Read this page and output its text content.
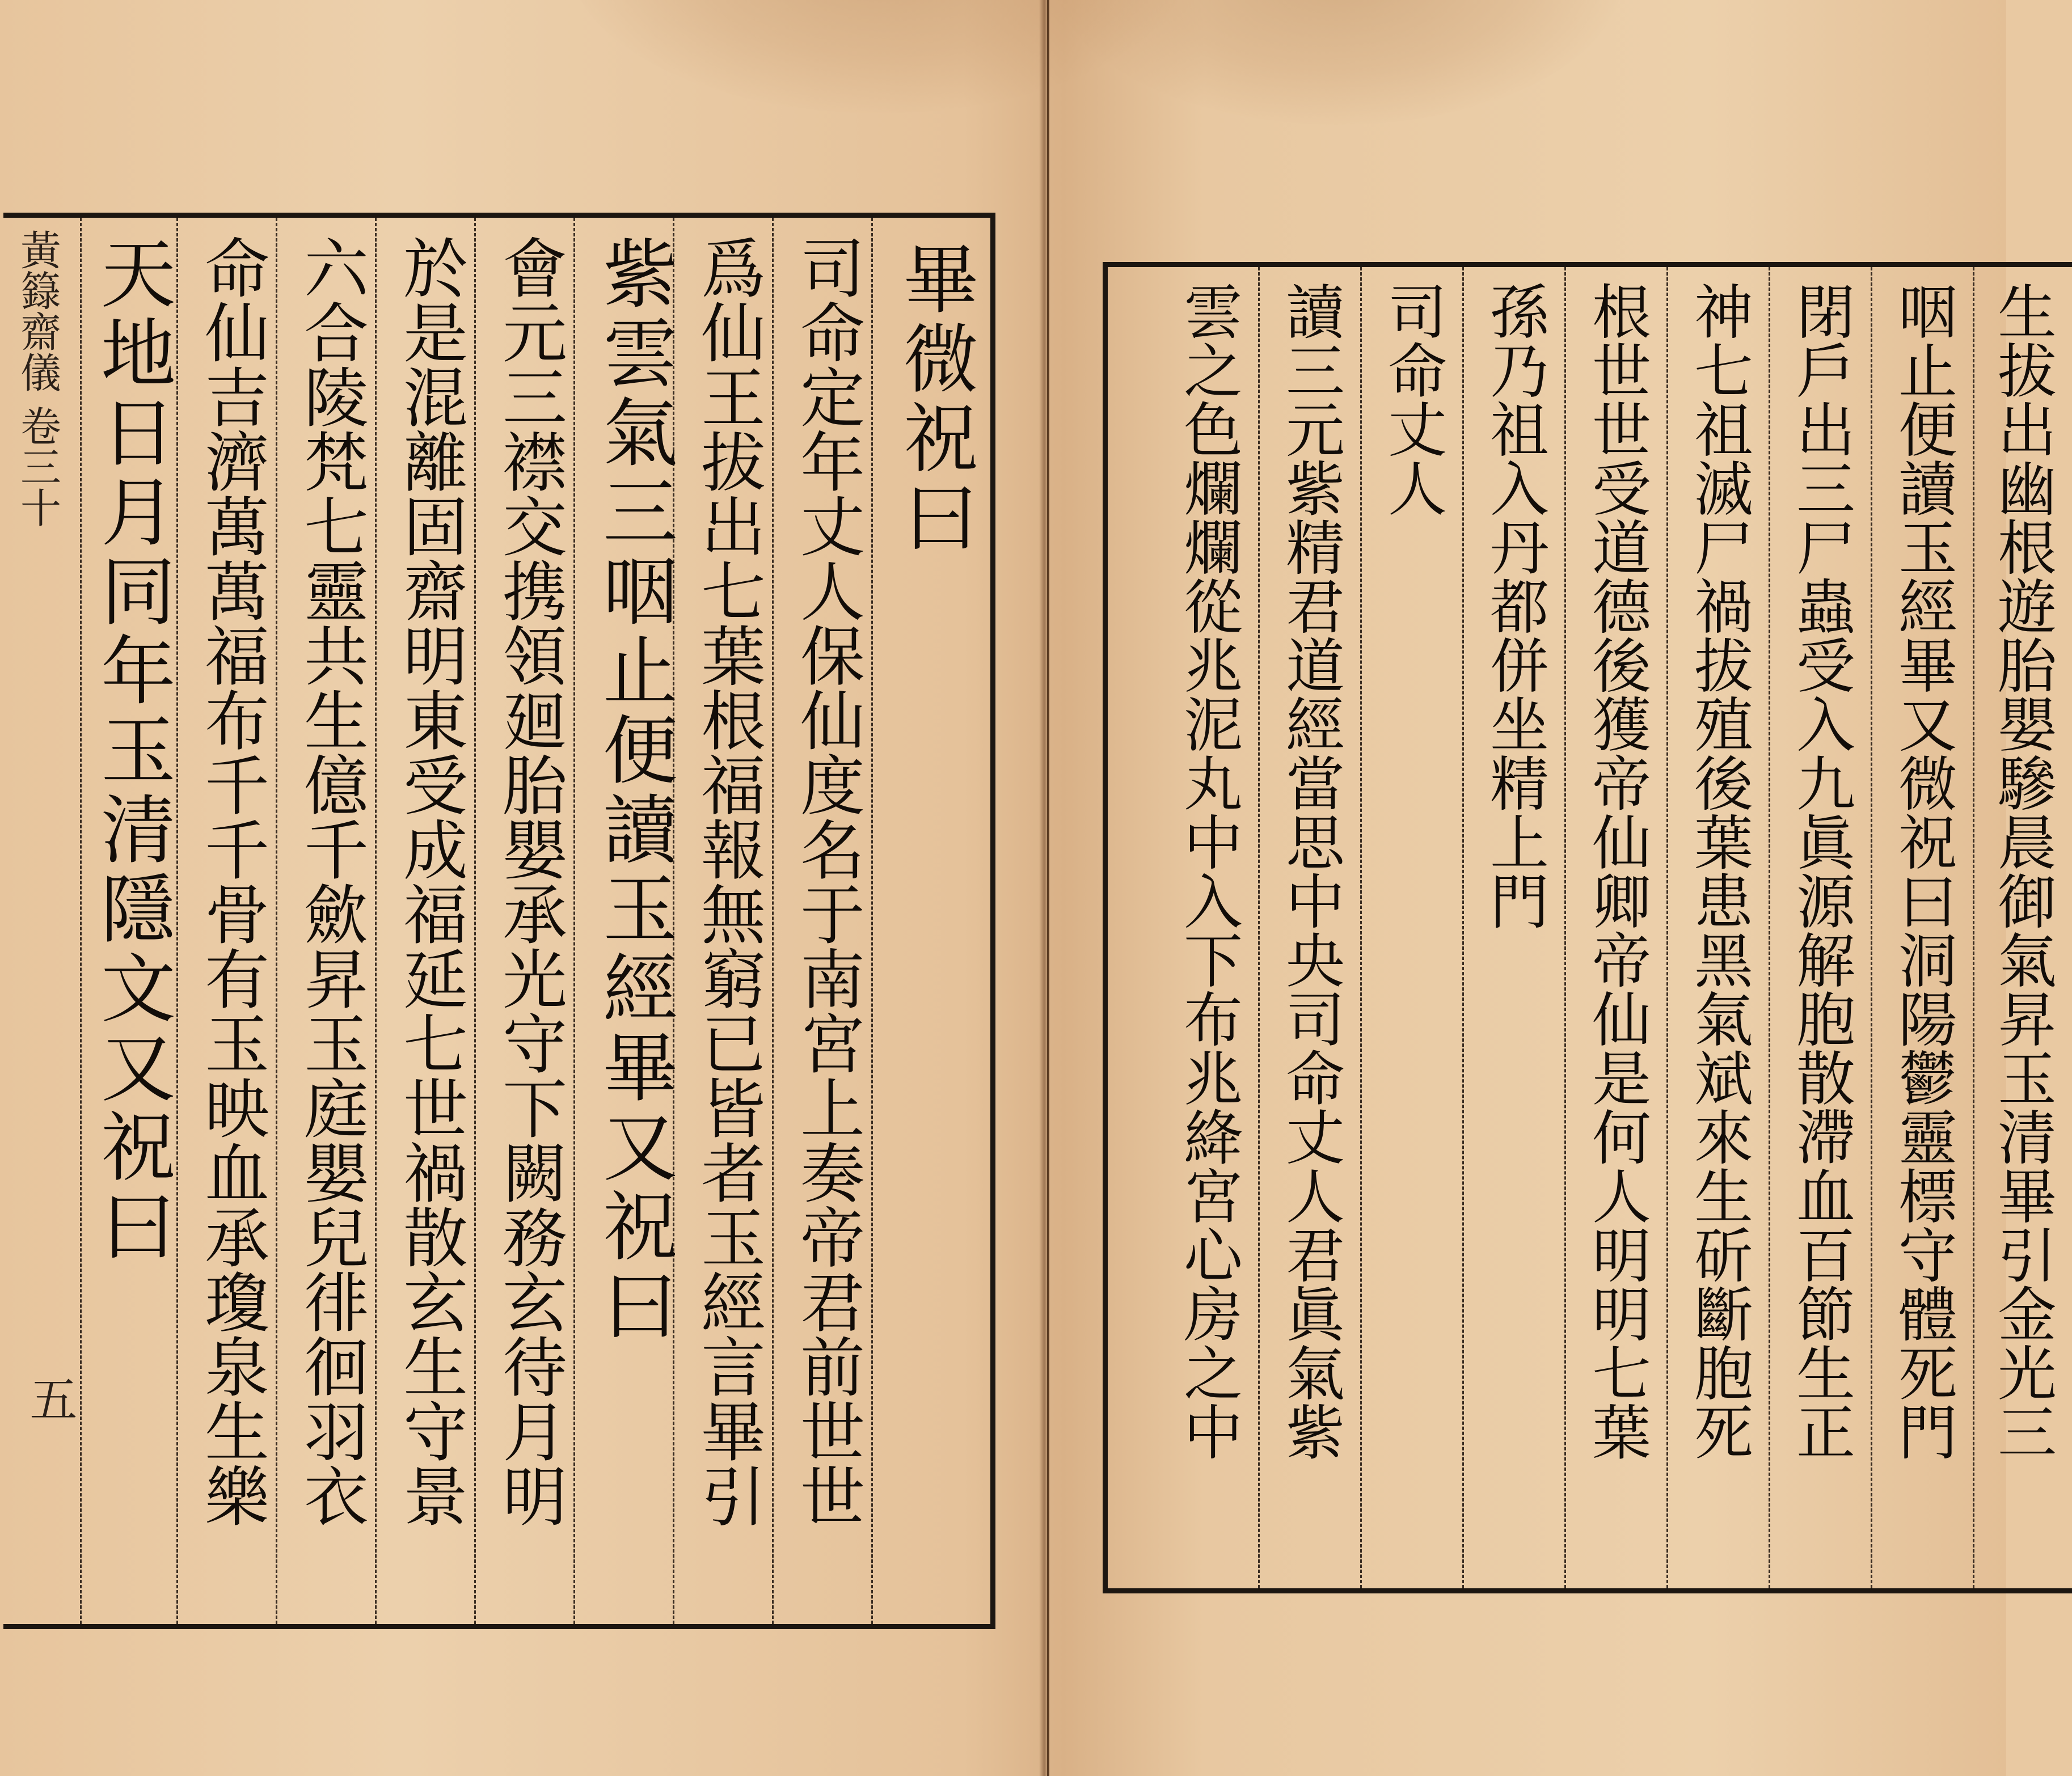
畢微祝曰
司命定年丈人保仙度名于南宮上奏帝君前世世
爲仙王拔出七葉根福報無窮已皆者玉經言畢引
紫雲氣三咽止便讀玉經畢又祝曰
會元三襟交携領廻胎嬰承光守下闕務玄待月明
於是混離固齋明東受成福延七世禍散玄生守景
六合陵梵七靈共生億千歛昇玉庭嬰兒徘徊羽衣
命仙吉濟萬萬福布千千骨有玉映血承瓊泉生樂
天地日月同年玉清隱文又祝曰
黃籙齋儀 卷三十
五	生拔出幽根遊胎嬰驂晨御氣昇玉清畢引金光三
咽止便讀玉經畢又微祝曰洞陽鬱靈標守體死門
閉戶出三尸蟲受入九眞源解胞散滯血百節生正
神七祖滅尸禍拔殖後葉患黑氣斌來生斫斷胞死
根世世受道德後獲帝仙卿帝仙是何人明明七葉
孫乃祖入丹都併坐精上門
司命丈人
讀三元紫精君道經當思中央司命丈人君眞氣紫
雲之色爛爛從兆泥丸中入下布兆絳宮心房之中
